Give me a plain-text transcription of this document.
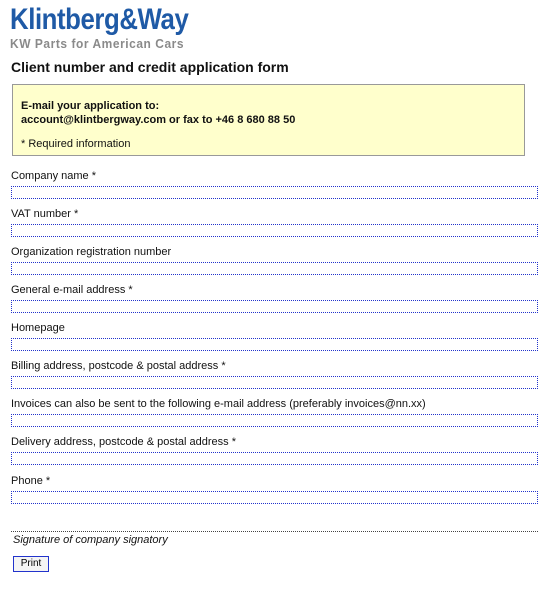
Klintberg&Way
KW Parts for American Cars
Client number and credit application form
E-mail your application to:
account@klintbergway.com or fax to +46 8 680 88 50
* Required information
Company name *
VAT number *
Organization registration number
General e-mail address *
Homepage
Billing address, postcode & postal address *
Invoices can also be sent to the following e-mail address (preferably invoices@nn.xx)
Delivery address, postcode & postal address *
Phone *
Signature of company signatory
Print
